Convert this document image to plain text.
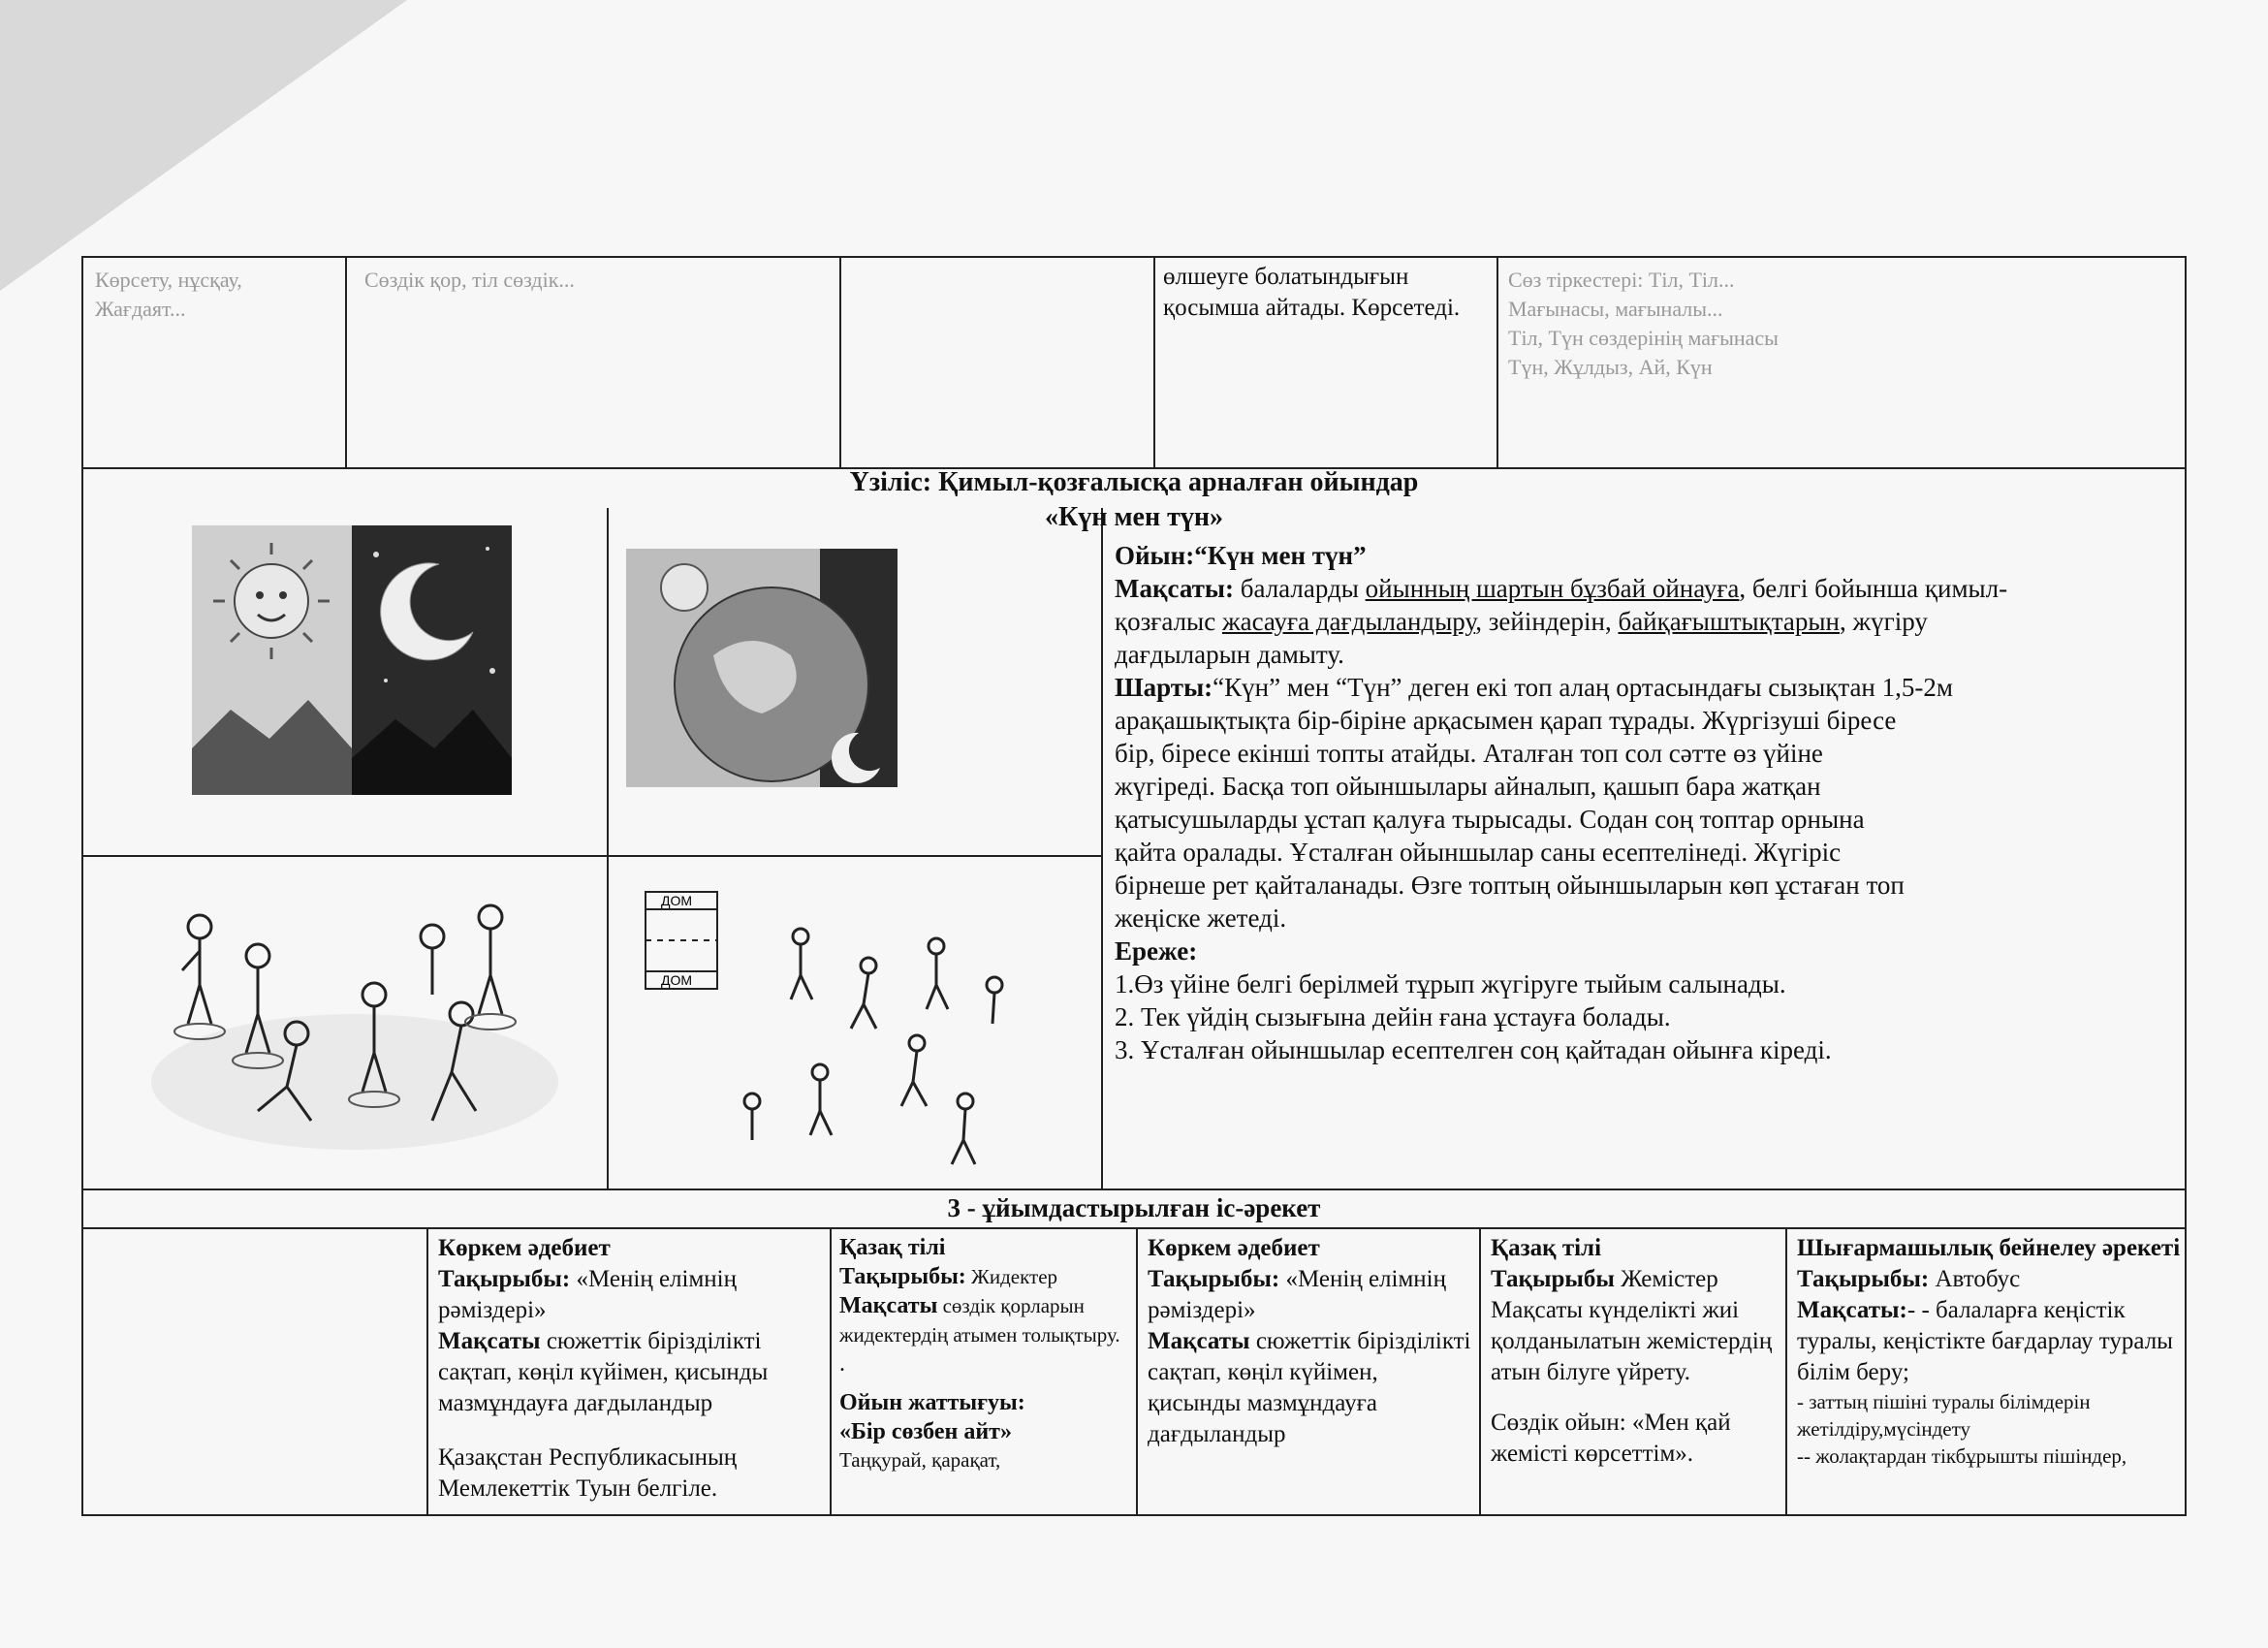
Көрсету, нұсқау, Жағдаят...
Сөздік қор, тіл сөздік...	өлшеуге болатындығын
қосымша айтады. Көрсетеді.
Сөз тіркестері: Тіл, Тіл...
Мағынасы, мағыналы...
Тіл, Түн сөздерінің мағынасы
Түн, Жұлдыз, Ай, Күн
Үзіліс: Қимыл-қозғалысқа арналған ойындар
«Күн мен түн»
ДОМ
ДОМ
Ойын:“Күн мен түн”
Мақсаты: балаларды ойынның шартын бұзбай ойнауға, белгі бойынша қимыл-
қозғалыс жасауға дағдыландыру, зейіндерін, байқағыштықтарын, жүгіру
дағдыларын дамыту.
Шарты:“Күн” мен “Түн” деген екі топ алаң ортасындағы сызықтан 1,5-2м
арақашықтықта бір-біріне арқасымен қарап тұрады. Жүргізуші біресе
бір, біресе екінші топты атайды. Аталған топ сол сәтте өз үйіне
жүгіреді. Басқа топ ойыншылары айналып, қашып бара жатқан
қатысушыларды ұстап қалуға тырысады. Содан соң топтар орнына
қайта оралады. Ұсталған ойыншылар саны есептелінеді. Жүгіріс
бірнеше рет қайталанады. Өзге топтың ойыншыларын көп ұстаған топ
жеңіске жетеді.
Ереже:
1.Өз үйіне белгі берілмей тұрып жүгіруге тыйым салынады.
2. Тек үйдің сызығына дейін ғана ұстауға болады.
3. Ұсталған ойыншылар есептелген соң қайтадан ойынға кіреді.
3 - ұйымдастырылған іс-әрекет
Көркем әдебиет
Тақырыбы: «Менің елімнің рәміздері»
Мақсаты сюжеттік бірізділікті сақтап, көңіл күйімен, қисынды мазмұндауға дағдыландыр
Қазақстан Республикасының
Мемлекеттік Туын белгіле.
Қазақ тілі
Тақырыбы: Жидектер
Мақсаты сөздік қорларын жидектердің атымен толықтыру.
.
Ойын жаттығуы:
«Бір сөзбен айт»
Таңқурай, қарақат,
Көркем әдебиет
Тақырыбы: «Менің елімнің рәміздері»
Мақсаты сюжеттік бірізділікті сақтап, көңіл күйімен, қисынды мазмұндауға дағдыландыр
Қазақ тілі
Тақырыбы Жемістер
Мақсаты күнделікті жиі қолданылатын жемістердің атын білуге үйрету.
Сөздік ойын: «Мен қай жемісті көрсеттім».
Шығармашылық бейнелеу әрекеті
Тақырыбы: Автобус
Мақсаты:- - балаларға кеңістік туралы, кеңістікте бағдарлау туралы білім беру;
- заттың пішіні туралы білімдерін жетілдіру,мүсіндету
-- жолақтардан тікбұрышты пішіндер,
